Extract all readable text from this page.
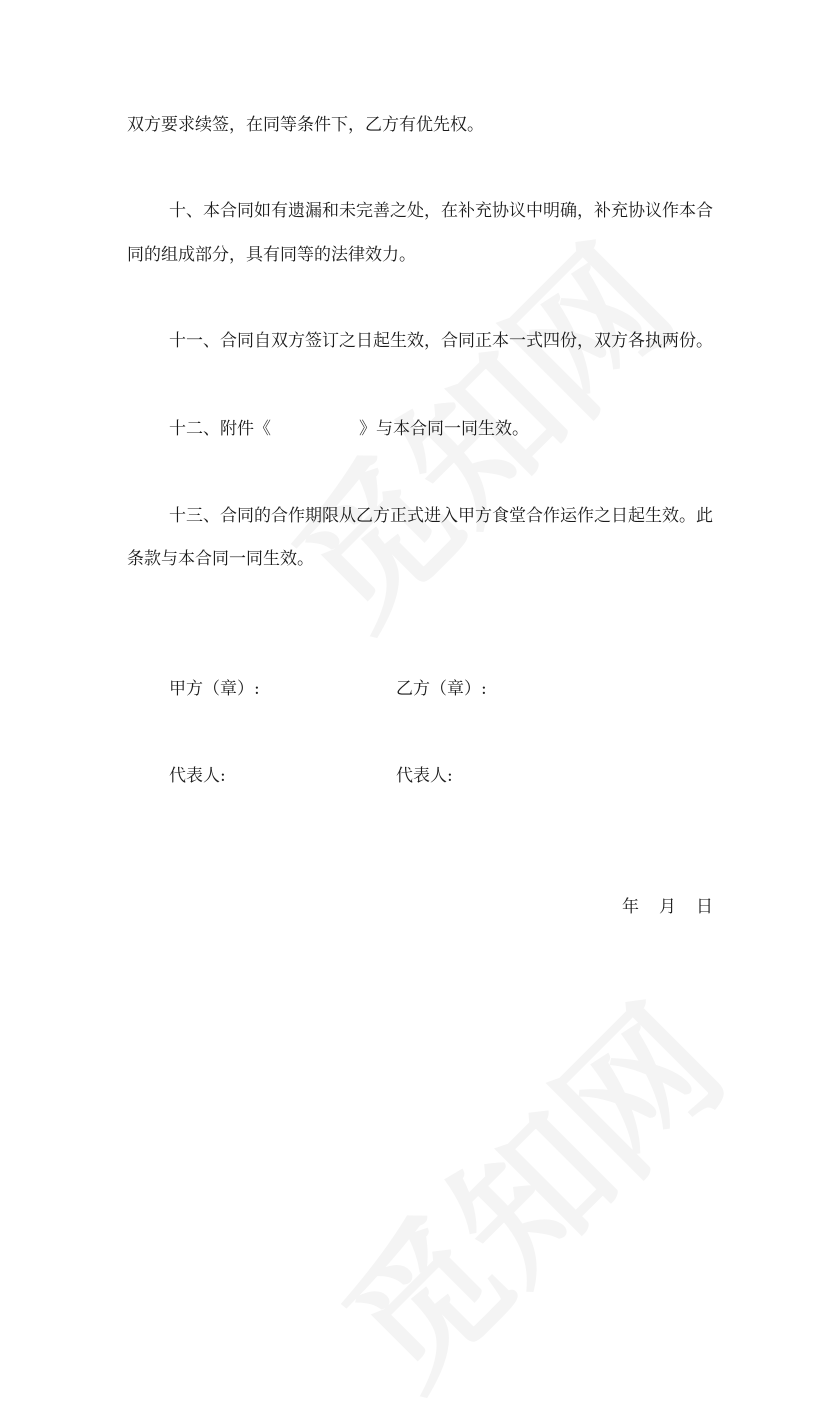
双方要求续签，在同等条件下，乙方有优先权。
十、本合同如有遗漏和未完善之处，在补充协议中明确，补充协议作本合
同的组成部分，具有同等的法律效力。
十一、合同自双方签订之日起生效，合同正本一式四份，双方各执两份。
十二、附件《	》与本合同一同生效。
十三、合同的合作期限从乙方正式进入甲方食堂合作运作之日起生效。此
条款与本合同一同生效。
甲方（章）:	乙方（章）:
代表人:	代表人:
年 月 日
